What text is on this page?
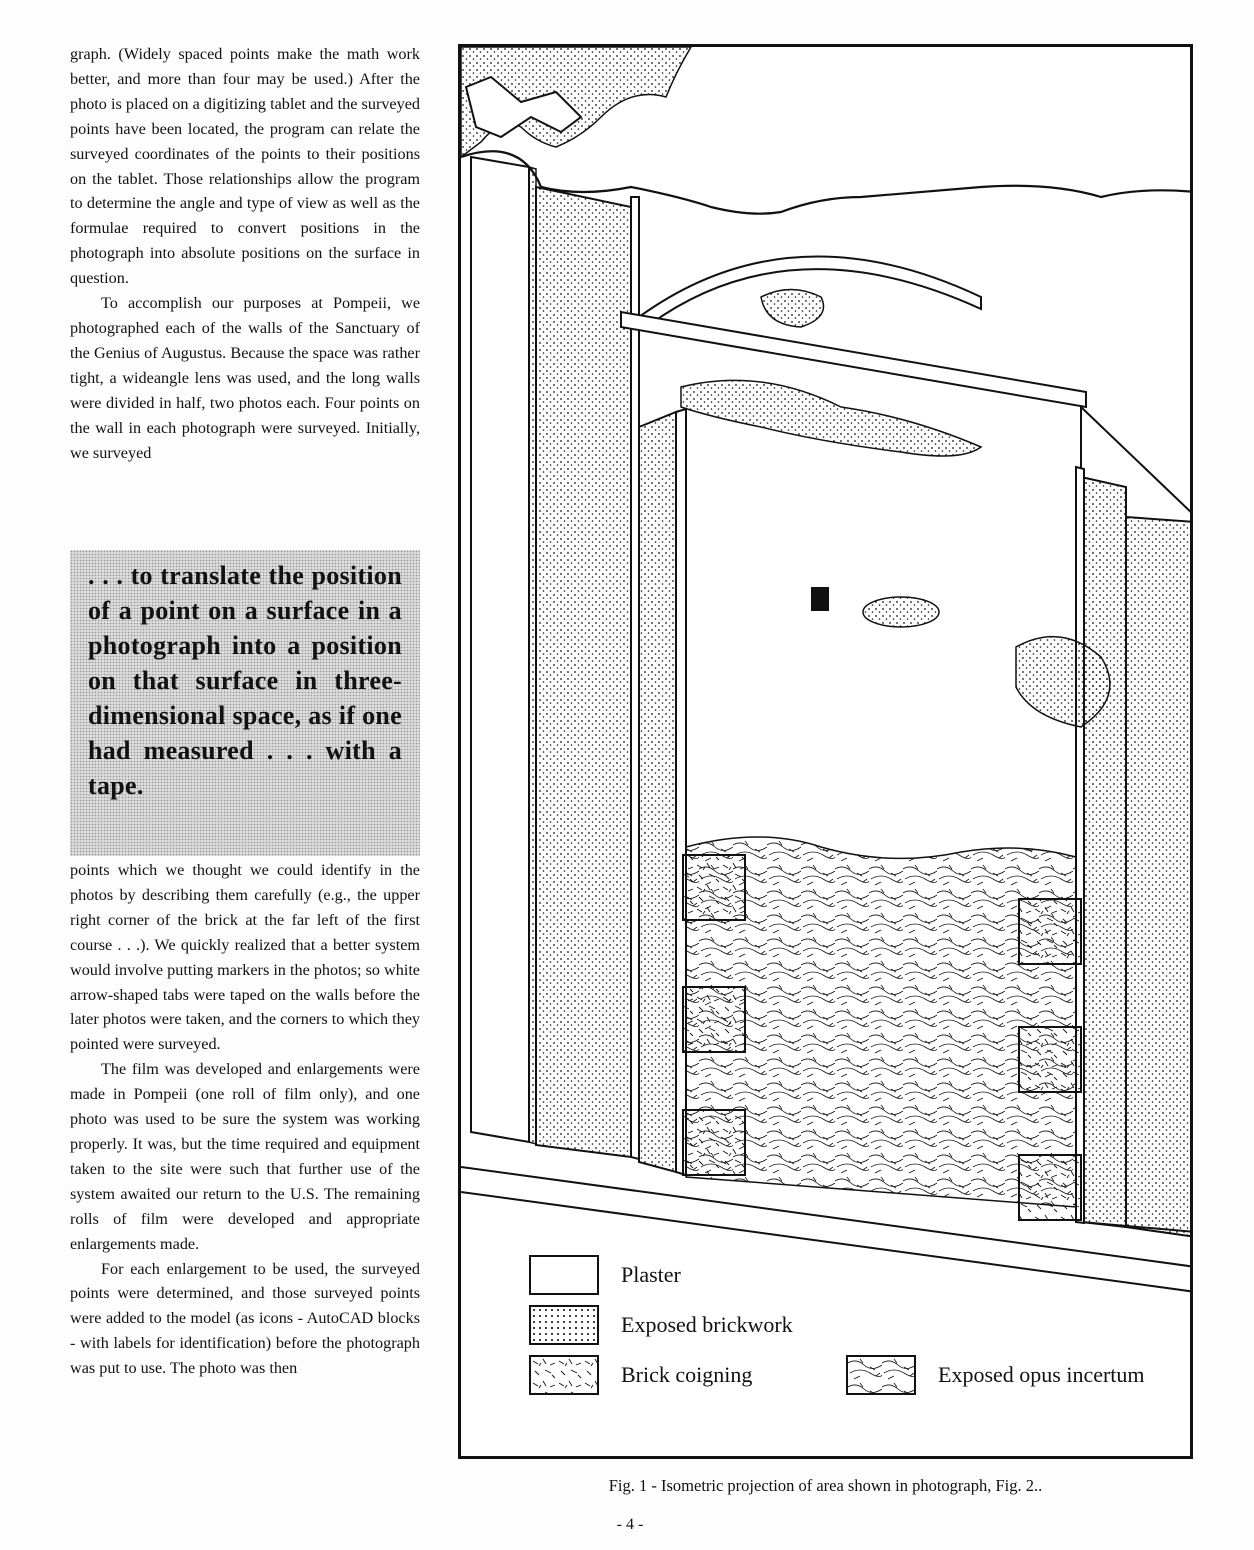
graph. (Widely spaced points make the math work better, and more than four may be used.) After the photo is placed on a digitizing tablet and the surveyed points have been located, the program can relate the surveyed coordinates of the points to their positions on the tablet. Those relationships allow the program to determine the angle and type of view as well as the formulae required to convert positions in the photograph into absolute positions on the surface in question.

To accomplish our purposes at Pompeii, we photographed each of the walls of the Sanctuary of the Genius of Augustus. Because the space was rather tight, a wideangle lens was used, and the long walls were divided in half, two photos each. Four points on the wall in each photograph were surveyed. Initially, we surveyed

. . . to translate the position of a point on a surface in a photograph into a position on that surface in three-dimensional space, as if one had measured . . . with a tape.

points which we thought we could identify in the photos by describing them carefully (e.g., the upper right corner of the brick at the far left of the first course . . .). We quickly realized that a better system would involve putting markers in the photos; so white arrow-shaped tabs were taped on the walls before the later photos were taken, and the corners to which they pointed were surveyed.

The film was developed and enlargements were made in Pompeii (one roll of film only), and one photo was used to be sure the system was working properly. It was, but the time required and equipment taken to the site were such that further use of the system awaited our return to the U.S. The remaining rolls of film were developed and appropriate enlargements made.

For each enlargement to be used, the surveyed points were determined, and those surveyed points were added to the model (as icons - AutoCAD blocks - with labels for identification) before the photograph was put to use. The photo was then

Plaster
Exposed brickwork
Brick coigning	Exposed opus incertum
Fig. 1 - Isometric projection of area shown in photograph, Fig. 2..
- 4 -
